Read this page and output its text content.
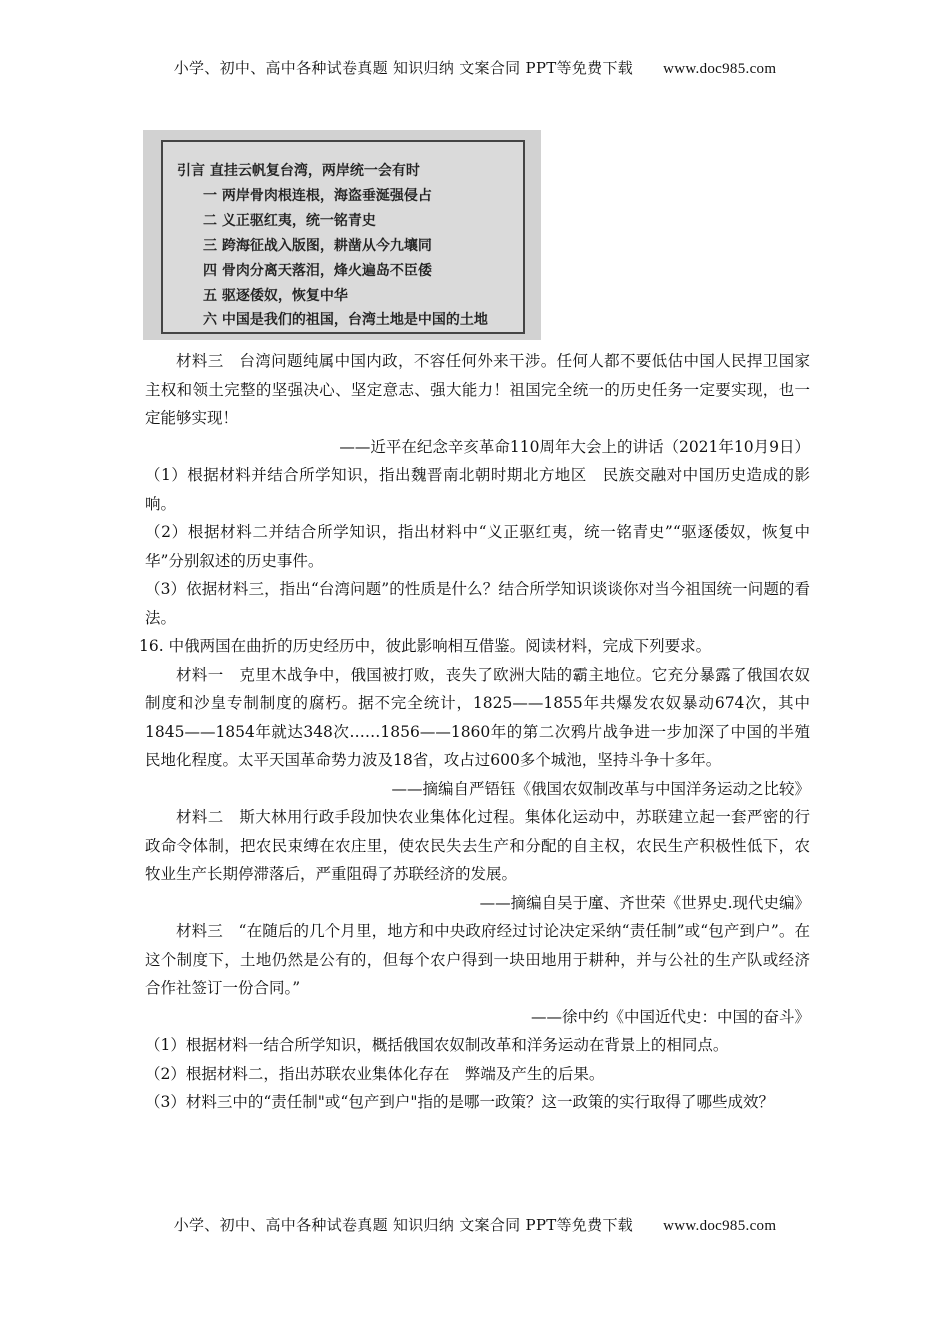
小学、初中、高中各种试卷真题 知识归纳 文案合同 PPT等免费下载 www.doc985.com
引言 直挂云帆复台湾，两岸统一会有时
一 两岸骨肉根连根，海盗垂涎强侵占
二 义正驱红夷，统一铭青史
三 跨海征战入版图，耕凿从今九壤同
四 骨肉分离天落泪，烽火遍岛不臣倭
五 驱逐倭奴，恢复中华
六 中国是我们的祖国，台湾土地是中国的土地

材料三　台湾问题纯属中国内政，不容任何外来干涉。任何人都不要低估中国人民捍卫国家主权和领土完整的坚强决心、坚定意志、强大能力！祖国完全统一的历史任务一定要实现，也一定能够实现！

——近平在纪念辛亥革命110周年大会上的讲话（2021年10月9日）

（1）根据材料并结合所学知识，指出魏晋南北朝时期北方地区　民族交融对中国历史造成的影响。

（2）根据材料二并结合所学知识，指出材料中“义正驱红夷，统一铭青史”“驱逐倭奴，恢复中华”分别叙述的历史事件。

（3）依据材料三，指出“台湾问题”的性质是什么？结合所学知识谈谈你对当今祖国统一问题的看法。

16. 中俄两国在曲折的历史经历中，彼此影响相互借鉴。阅读材料，完成下列要求。

材料一　克里木战争中，俄国被打败，丧失了欧洲大陆的霸主地位。它充分暴露了俄国农奴制度和沙皇专制制度的腐朽。据不完全统计，1825——1855年共爆发农奴暴动674次，其中1845——1854年就达348次……1856——1860年的第二次鸦片战争进一步加深了中国的半殖民地化程度。太平天国革命势力波及18省，攻占过600多个城池，坚持斗争十多年。

——摘编自严铻钰《俄国农奴制改革与中国洋务运动之比较》

材料二　斯大林用行政手段加快农业集体化过程。集体化运动中，苏联建立起一套严密的行政命令体制，把农民束缚在农庄里，使农民失去生产和分配的自主权，农民生产积极性低下，农牧业生产长期停滞落后，严重阻碍了苏联经济的发展。

——摘编自吴于廑、齐世荣《世界史.现代史编》

材料三　“在随后的几个月里，地方和中央政府经过讨论决定采纳“责任制”或“包产到户”。在这个制度下，土地仍然是公有的，但每个农户得到一块田地用于耕种，并与公社的生产队或经济合作社签订一份合同。”

——徐中约《中国近代史：中国的奋斗》

（1）根据材料一结合所学知识，概括俄国农奴制改革和洋务运动在背景上的相同点。

（2）根据材料二，指出苏联农业集体化存在　弊端及产生的后果。

（3）材料三中的“责任制"或“包产到户"指的是哪一政策？这一政策的实行取得了哪些成效？

小学、初中、高中各种试卷真题 知识归纳 文案合同 PPT等免费下载 www.doc985.com
